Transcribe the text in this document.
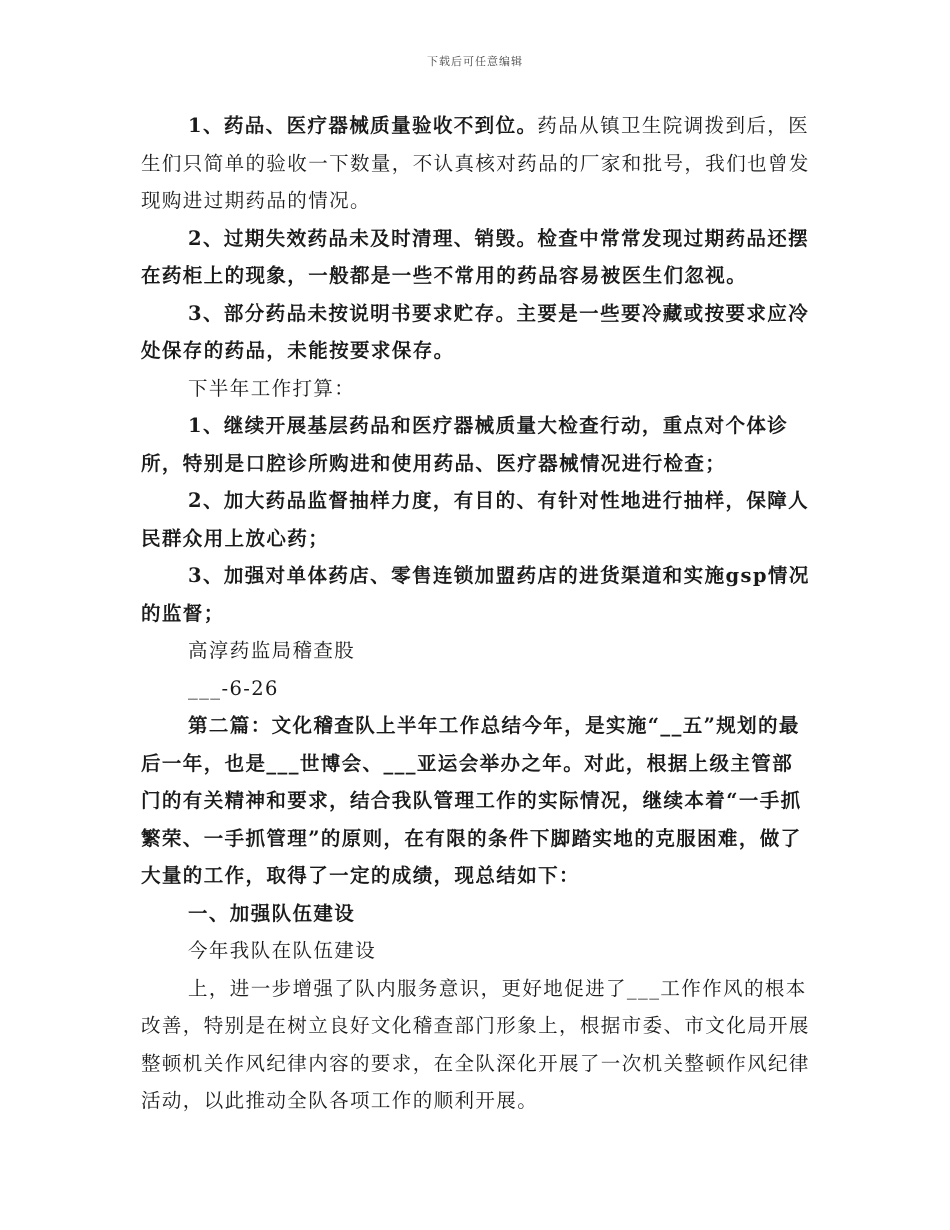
下载后可任意编辑

1、药品、医疗器械质量验收不到位。药品从镇卫生院调拨到后，医生们只简单的验收一下数量，不认真核对药品的厂家和批号，我们也曾发现购进过期药品的情况。

2、过期失效药品未及时清理、销毁。检查中常常发现过期药品还摆在药柜上的现象，一般都是一些不常用的药品容易被医生们忽视。

3、部分药品未按说明书要求贮存。主要是一些要冷藏或按要求应冷处保存的药品，未能按要求保存。

下半年工作打算：

1、继续开展基层药品和医疗器械质量大检查行动，重点对个体诊所，特别是口腔诊所购进和使用药品、医疗器械情况进行检查；

2、加大药品监督抽样力度，有目的、有针对性地进行抽样，保障人民群众用上放心药；

3、加强对单体药店、零售连锁加盟药店的进货渠道和实施gsp情况的监督；

高淳药监局稽查股

___-6-26

第二篇：文化稽查队上半年工作总结今年，是实施“__五”规划的最后一年，也是___世博会、___亚运会举办之年。对此，根据上级主管部门的有关精神和要求，结合我队管理工作的实际情况，继续本着“一手抓繁荣、一手抓管理”的原则，在有限的条件下脚踏实地的克服困难，做了大量的工作，取得了一定的成绩，现总结如下：

一、加强队伍建设

今年我队在队伍建设

上，进一步增强了队内服务意识，更好地促进了___工作作风的根本改善，特别是在树立良好文化稽查部门形象上，根据市委、市文化局开展整顿机关作风纪律内容的要求，在全队深化开展了一次机关整顿作风纪律活动，以此推动全队各项工作的顺利开展。
